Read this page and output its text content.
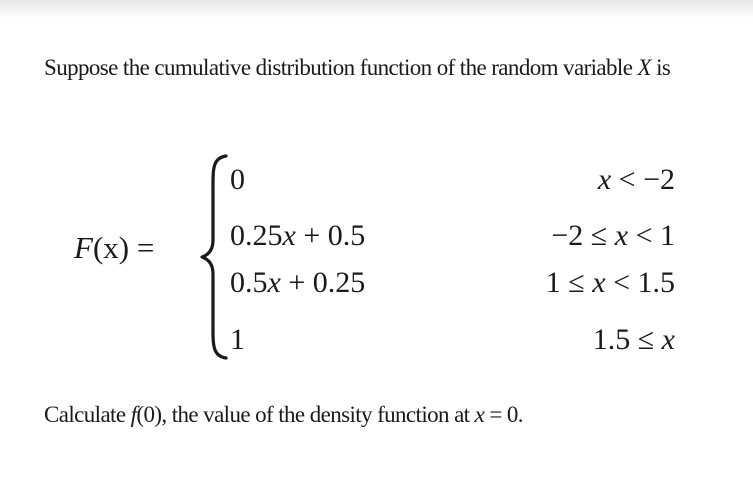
Suppose the cumulative distribution function of the random variable X is

F(x) =
0	x < −2
0.25x + 0.5	−2 ≤ x < 1
0.5x + 0.25	1 ≤ x < 1.5
1	1.5 ≤ x

Calculate f(0), the value of the density function at x = 0.
